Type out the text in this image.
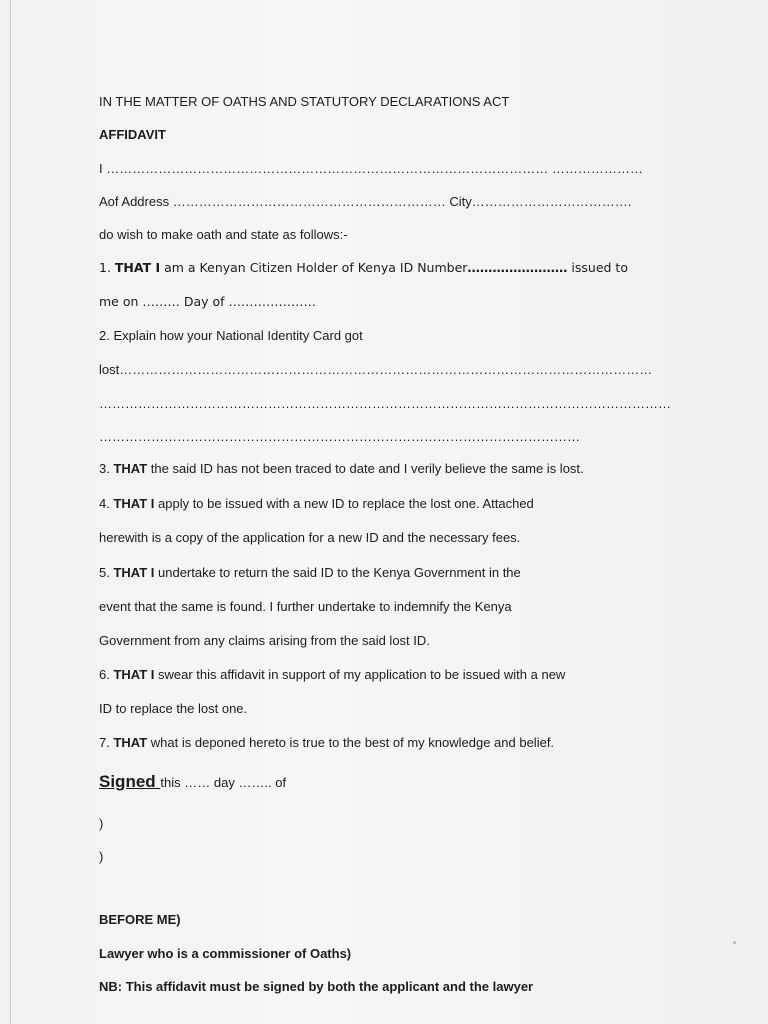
IN THE MATTER OF OATHS AND STATUTORY DECLARATIONS ACT
AFFIDAVIT
I ………………………………………………………………………………………… …………………
Aof Address ……………………………………………………… City……………………………….
do wish to make oath and state as follows:-
1. THAT I am a Kenyan Citizen Holder of Kenya ID Number…………………… issued to
me on ……… Day of …………………
2. Explain how your National Identity Card got
lost……………………………………………………………………………………………………………
……………………………………………………………………………………………………………………
…………………………………………………………………………………………………
3. THAT the said ID has not been traced to date and I verily believe the same is lost.
4. THAT I apply to be issued with a new ID to replace the lost one. Attached
herewith is a copy of the application for a new ID and the necessary fees.
5. THAT I undertake to return the said ID to the Kenya Government in the
event that the same is found. I further undertake to indemnify the Kenya
Government from any claims arising from the said lost ID.
6. THAT I swear this affidavit in support of my application to be issued with a new
ID to replace the lost one.
7. THAT what is deponed hereto is true to the best of my knowledge and belief.
Signed this …… day …….. of
)
)
BEFORE ME)
Lawyer who is a commissioner of Oaths)
NB: This affidavit must be signed by both the applicant and the lawyer
